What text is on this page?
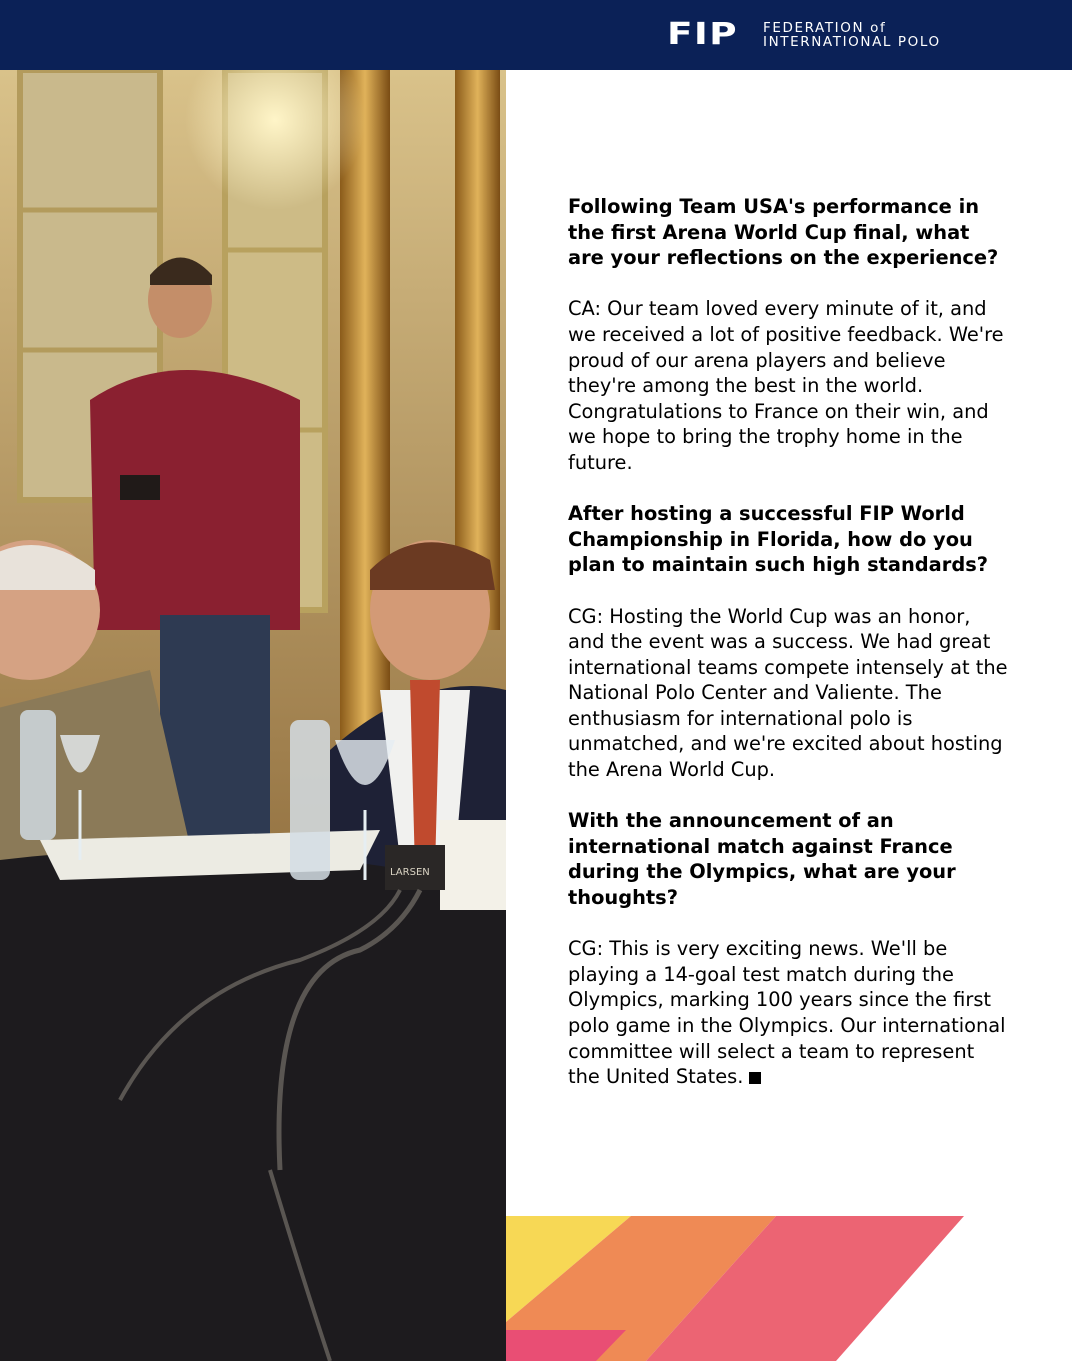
FIP	FEDERATION of
INTERNATIONAL POLO
LARSEN

Following Team USA's performance in the first Arena World Cup final, what are your reflections on the experience?

CA: Our team loved every minute of it, and we received a lot of positive feedback. We're proud of our arena players and believe they're among the best in the world. Congratulations to France on their win, and we hope to bring the trophy home in the future.

After hosting a successful FIP World Championship in Florida, how do you plan to maintain such high standards?

CG: Hosting the World Cup was an honor, and the event was a success. We had great international teams compete intensely at the National Polo Center and Valiente. The enthusiasm for international polo is unmatched, and we're excited about hosting the Arena World Cup.

With the announcement of an international match against France during the Olympics, what are your thoughts?

CG: This is very exciting news. We'll be playing a 14-goal test match during the Olympics, marking 100 years since the first polo game in the Olympics. Our international committee will select a team to represent the United States.
